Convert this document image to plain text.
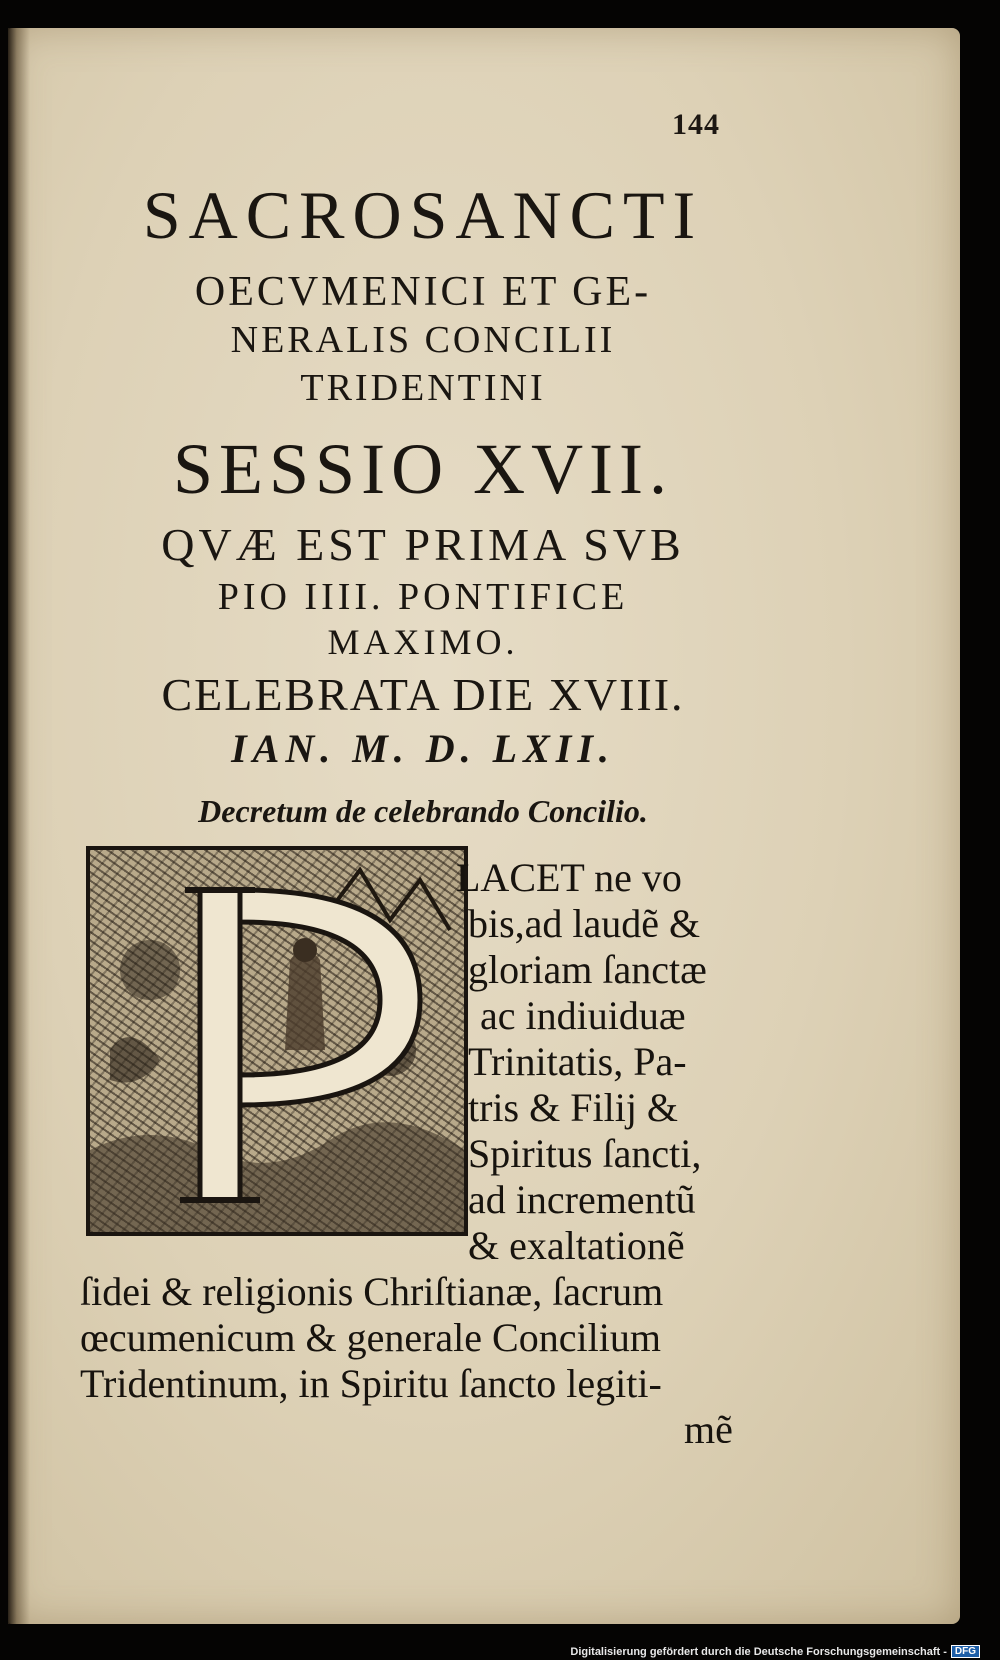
144

SACROSANCTI

OECVMENICI ET GE-

NERALIS CONCILII

TRIDENTINI

SESSIO XVII.

QVÆ EST PRIMA SVB

PIO IIII. PONTIFICE

MAXIMO.

CELEBRATA DIE XVIII.

IAN. M. D. LXII.

Decretum de celebrando Concilio.

P

LACET ne vo

bis,ad laudẽ &

gloriam ſanctæ

ac indiuiduæ

Trinitatis, Pa-

tris & Filij &

Spiritus ſancti,

ad incrementũ

& exaltationẽ

ſidei & religionis Chriſtianæ, ſacrum

œcumenicum & generale Concilium

Tridentinum, in Spiritu ſancto legiti-

mẽ

Digitalisierung gefördert durch die Deutsche Forschungsgemeinschaft - DFG
